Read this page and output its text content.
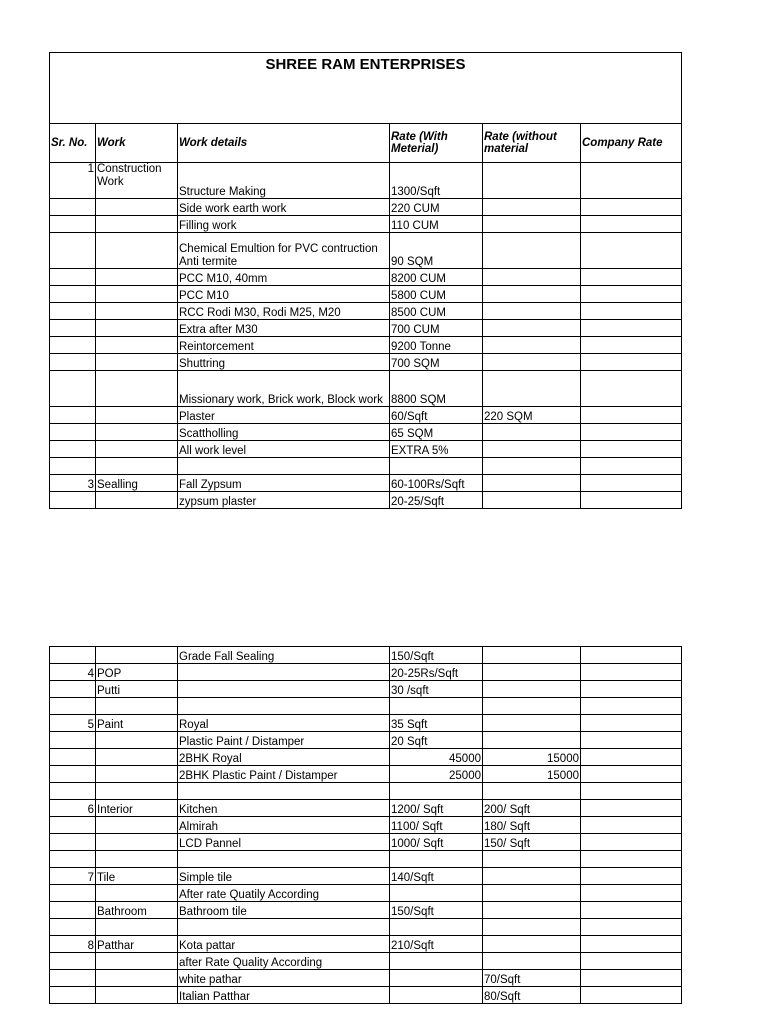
SHREE RAM ENTERPRISES					
Sr. No.	Work	Work details	Rate (With Meterial)	Rate (without material	Company Rate
1	Construction Work	Structure Making	1300/Sqft		
		Side work earth work	220 CUM		
		Filling work	110 CUM		
		Chemical Emultion for PVC contruction Anti termite	90 SQM		
		PCC M10, 40mm	8200 CUM		
		PCC M10	5800 CUM		
		RCC Rodi M30, Rodi M25, M20	8500 CUM		
		Extra after M30	700 CUM		
		Reintorcement	9200 Tonne		
		Shuttring	700 SQM		
		Missionary work, Brick work, Block work	8800 SQM		
		Plaster	60/Sqft	220 SQM	
		Scattholling	65 SQM		
		All work level	EXTRA 5%		

3	Sealling	Fall Zypsum	60-100Rs/Sqft		
		zypsum plaster	20-25/Sqft		
		Grade Fall Sealing	150/Sqft		
4	POP		20-25Rs/Sqft		
	Putti		30 /sqft		

5	Paint	Royal	35 Sqft		
		Plastic Paint / Distamper	20 Sqft		
		2BHK Royal	45000	15000	
		2BHK Plastic Paint / Distamper	25000	15000	

6	Interior	Kitchen	1200/ Sqft	200/ Sqft	
		Almirah	1100/ Sqft	180/ Sqft	
		LCD Pannel	1000/ Sqft	150/ Sqft	

7	Tile	Simple tile	140/Sqft		
		After rate Quatily According			
	Bathroom	Bathroom tile	150/Sqft		

8	Patthar	Kota pattar	210/Sqft		
		after Rate Quality According			
		white pathar		70/Sqft	
		Italian Patthar		80/Sqft	
